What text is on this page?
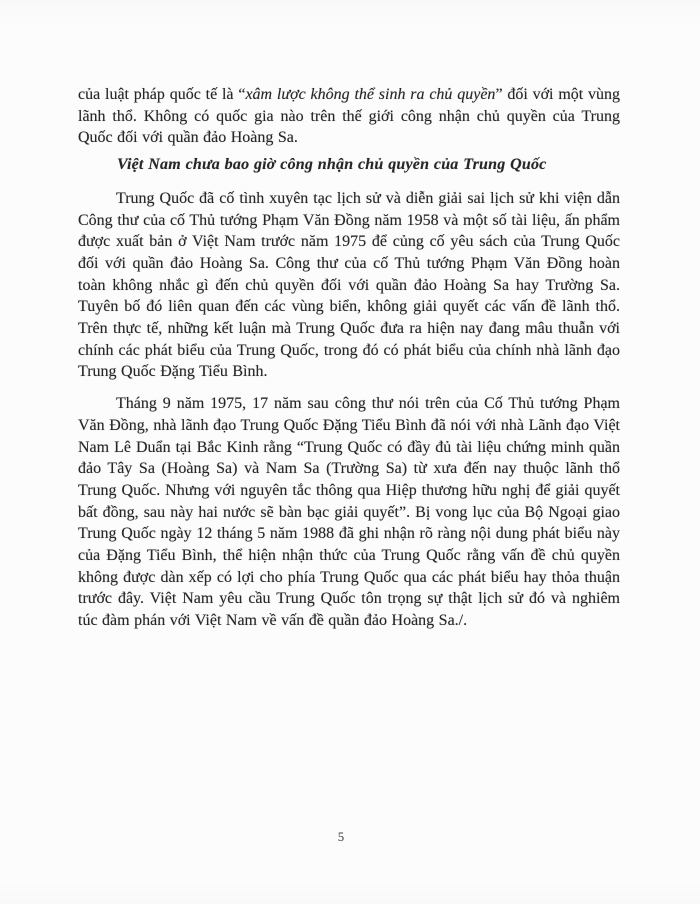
của luật pháp quốc tế là “xâm lược không thể sinh ra chủ quyền” đối với một vùng lãnh thổ. Không có quốc gia nào trên thế giới công nhận chủ quyền của Trung Quốc đối với quần đảo Hoàng Sa.

Việt Nam chưa bao giờ công nhận chủ quyền của Trung Quốc

Trung Quốc đã cố tình xuyên tạc lịch sử và diễn giải sai lịch sử khi viện dẫn Công thư của cố Thủ tướng Phạm Văn Đồng năm 1958 và một số tài liệu, ấn phẩm được xuất bản ở Việt Nam trước năm 1975 để củng cố yêu sách của Trung Quốc đối với quần đảo Hoàng Sa. Công thư của cố Thủ tướng Phạm Văn Đồng hoàn toàn không nhắc gì đến chủ quyền đối với quần đảo Hoàng Sa hay Trường Sa. Tuyên bố đó liên quan đến các vùng biển, không giải quyết các vấn đề lãnh thổ. Trên thực tế, những kết luận mà Trung Quốc đưa ra hiện nay đang mâu thuẫn với chính các phát biểu của Trung Quốc, trong đó có phát biểu của chính nhà lãnh đạo Trung Quốc Đặng Tiểu Bình.

Tháng 9 năm 1975, 17 năm sau công thư nói trên của Cố Thủ tướng Phạm Văn Đồng, nhà lãnh đạo Trung Quốc Đặng Tiểu Bình đã nói với nhà Lãnh đạo Việt Nam Lê Duẩn tại Bắc Kinh rằng “Trung Quốc có đầy đủ tài liệu chứng minh quần đảo Tây Sa (Hoàng Sa) và Nam Sa (Trường Sa) từ xưa đến nay thuộc lãnh thổ Trung Quốc. Nhưng với nguyên tắc thông qua Hiệp thương hữu nghị để giải quyết bất đồng, sau này hai nước sẽ bàn bạc giải quyết”. Bị vong lục của Bộ Ngoại giao Trung Quốc ngày 12 tháng 5 năm 1988 đã ghi nhận rõ ràng nội dung phát biểu này của Đặng Tiểu Bình, thể hiện nhận thức của Trung Quốc rằng vấn đề chủ quyền không được dàn xếp có lợi cho phía Trung Quốc qua các phát biểu hay thỏa thuận trước đây. Việt Nam yêu cầu Trung Quốc tôn trọng sự thật lịch sử đó và nghiêm túc đàm phán với Việt Nam về vấn đề quần đảo Hoàng Sa./.

5
